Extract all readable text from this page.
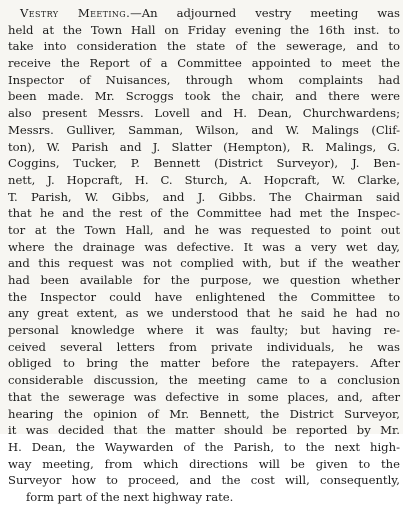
Vestry Meeting.—An adjourned vestry meeting was
held at the Town Hall on Friday evening the 16th inst. to
take into consideration the state of the sewerage, and to
receive the Report of a Committee appointed to meet the
Inspector of Nuisances, through whom complaints had
been made. Mr. Scroggs took the chair, and there were
also present Messrs. Lovell and H. Dean, Churchwardens;
Messrs. Gulliver, Samman, Wilson, and W. Malings (Clif-
ton), W. Parish and J. Slatter (Hempton), R. Malings, G.
Coggins, Tucker, P. Bennett (District Surveyor), J. Ben-
nett, J. Hopcraft, H. C. Sturch, A. Hopcraft, W. Clarke,
T. Parish, W. Gibbs, and J. Gibbs. The Chairman said
that he and the rest of the Committee had met the Inspec-
tor at the Town Hall, and he was requested to point out
where the drainage was defective. It was a very wet day,
and this request was not complied with, but if the weather
had been available for the purpose, we question whether
the Inspector could have enlightened the Committee to
any great extent, as we understood that he said he had no
personal knowledge where it was faulty; but having re-
ceived several letters from private individuals, he was
obliged to bring the matter before the ratepayers. After
considerable discussion, the meeting came to a conclusion
that the sewerage was defective in some places, and, after
hearing the opinion of Mr. Bennett, the District Surveyor,
it was decided that the matter should be reported by Mr.
H. Dean, the Waywarden of the Parish, to the next high-
way meeting, from which directions will be given to the
Surveyor how to proceed, and the cost will, consequently,
form part of the next highway rate.
